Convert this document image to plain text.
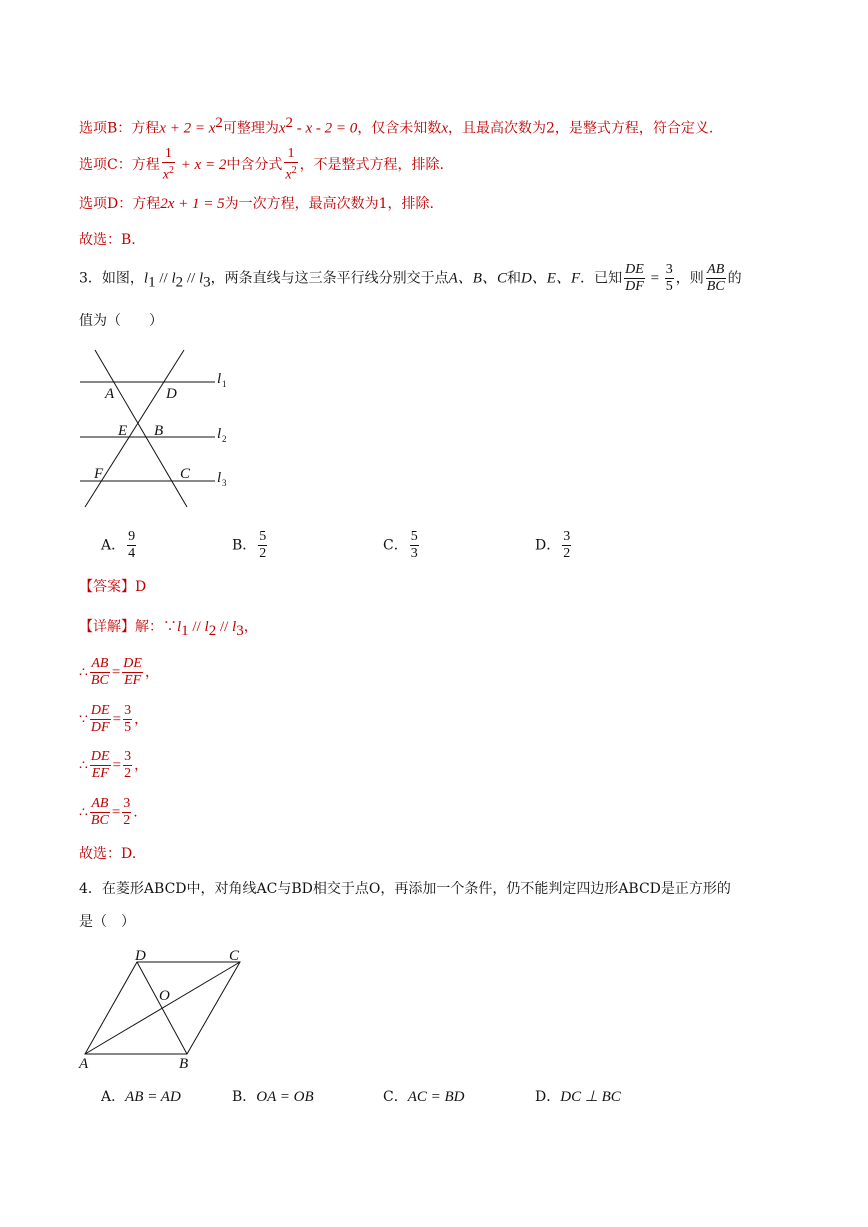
选项B：方程$x + 2 = x^2$可整理为$x^2 - x - 2 = 0$，仅含未知数x，且最高次数为2，是整式方程，符合定义.
选项C：方程 $\frac{1}{x^2} + x = 2$中含分式 $\frac{1}{x^2}$ ，不是整式方程，排除.
选项D：方程2x + 1 = 5为一次方程，最高次数为1，排除.
故选：B.
3．如图，$l_1 // l_2 // l_3$，两条直线与这三条平行线分别交于点A、B、C和D、E、F．已知 $\frac{DE}{DF} = \frac{3}{5}$ ，则 $\frac{AB}{BC}$ 的
值为（　　）
A	D
E B
F	C
l 1
l 2
l 3
A． $\frac{9}{4}$	B． $\frac{5}{2}$	C． $\frac{5}{3}$	D． $\frac{3}{2}$
【答案】D
【详解】解：$\because l_1 // l_2 // l_3$，
∴ $\frac{AB}{BC} = \frac{DE}{EF}$ ，
∵ $\frac{DE}{DF} = \frac{3}{5}$ ，
∴ $\frac{DE}{EF} = \frac{3}{2}$ ，
∴ $\frac{AB}{BC} = \frac{3}{2}$ .
故选：D.
4．在菱形ABCD中，对角线AC与BD相交于点O，再添加一个条件，仍不能判定四边形ABCD是正方形的
是（　）
D	C
O
A	B
A．AB = AD	B．OA = OB	C．AC = BD	D．DC ⊥ BC
